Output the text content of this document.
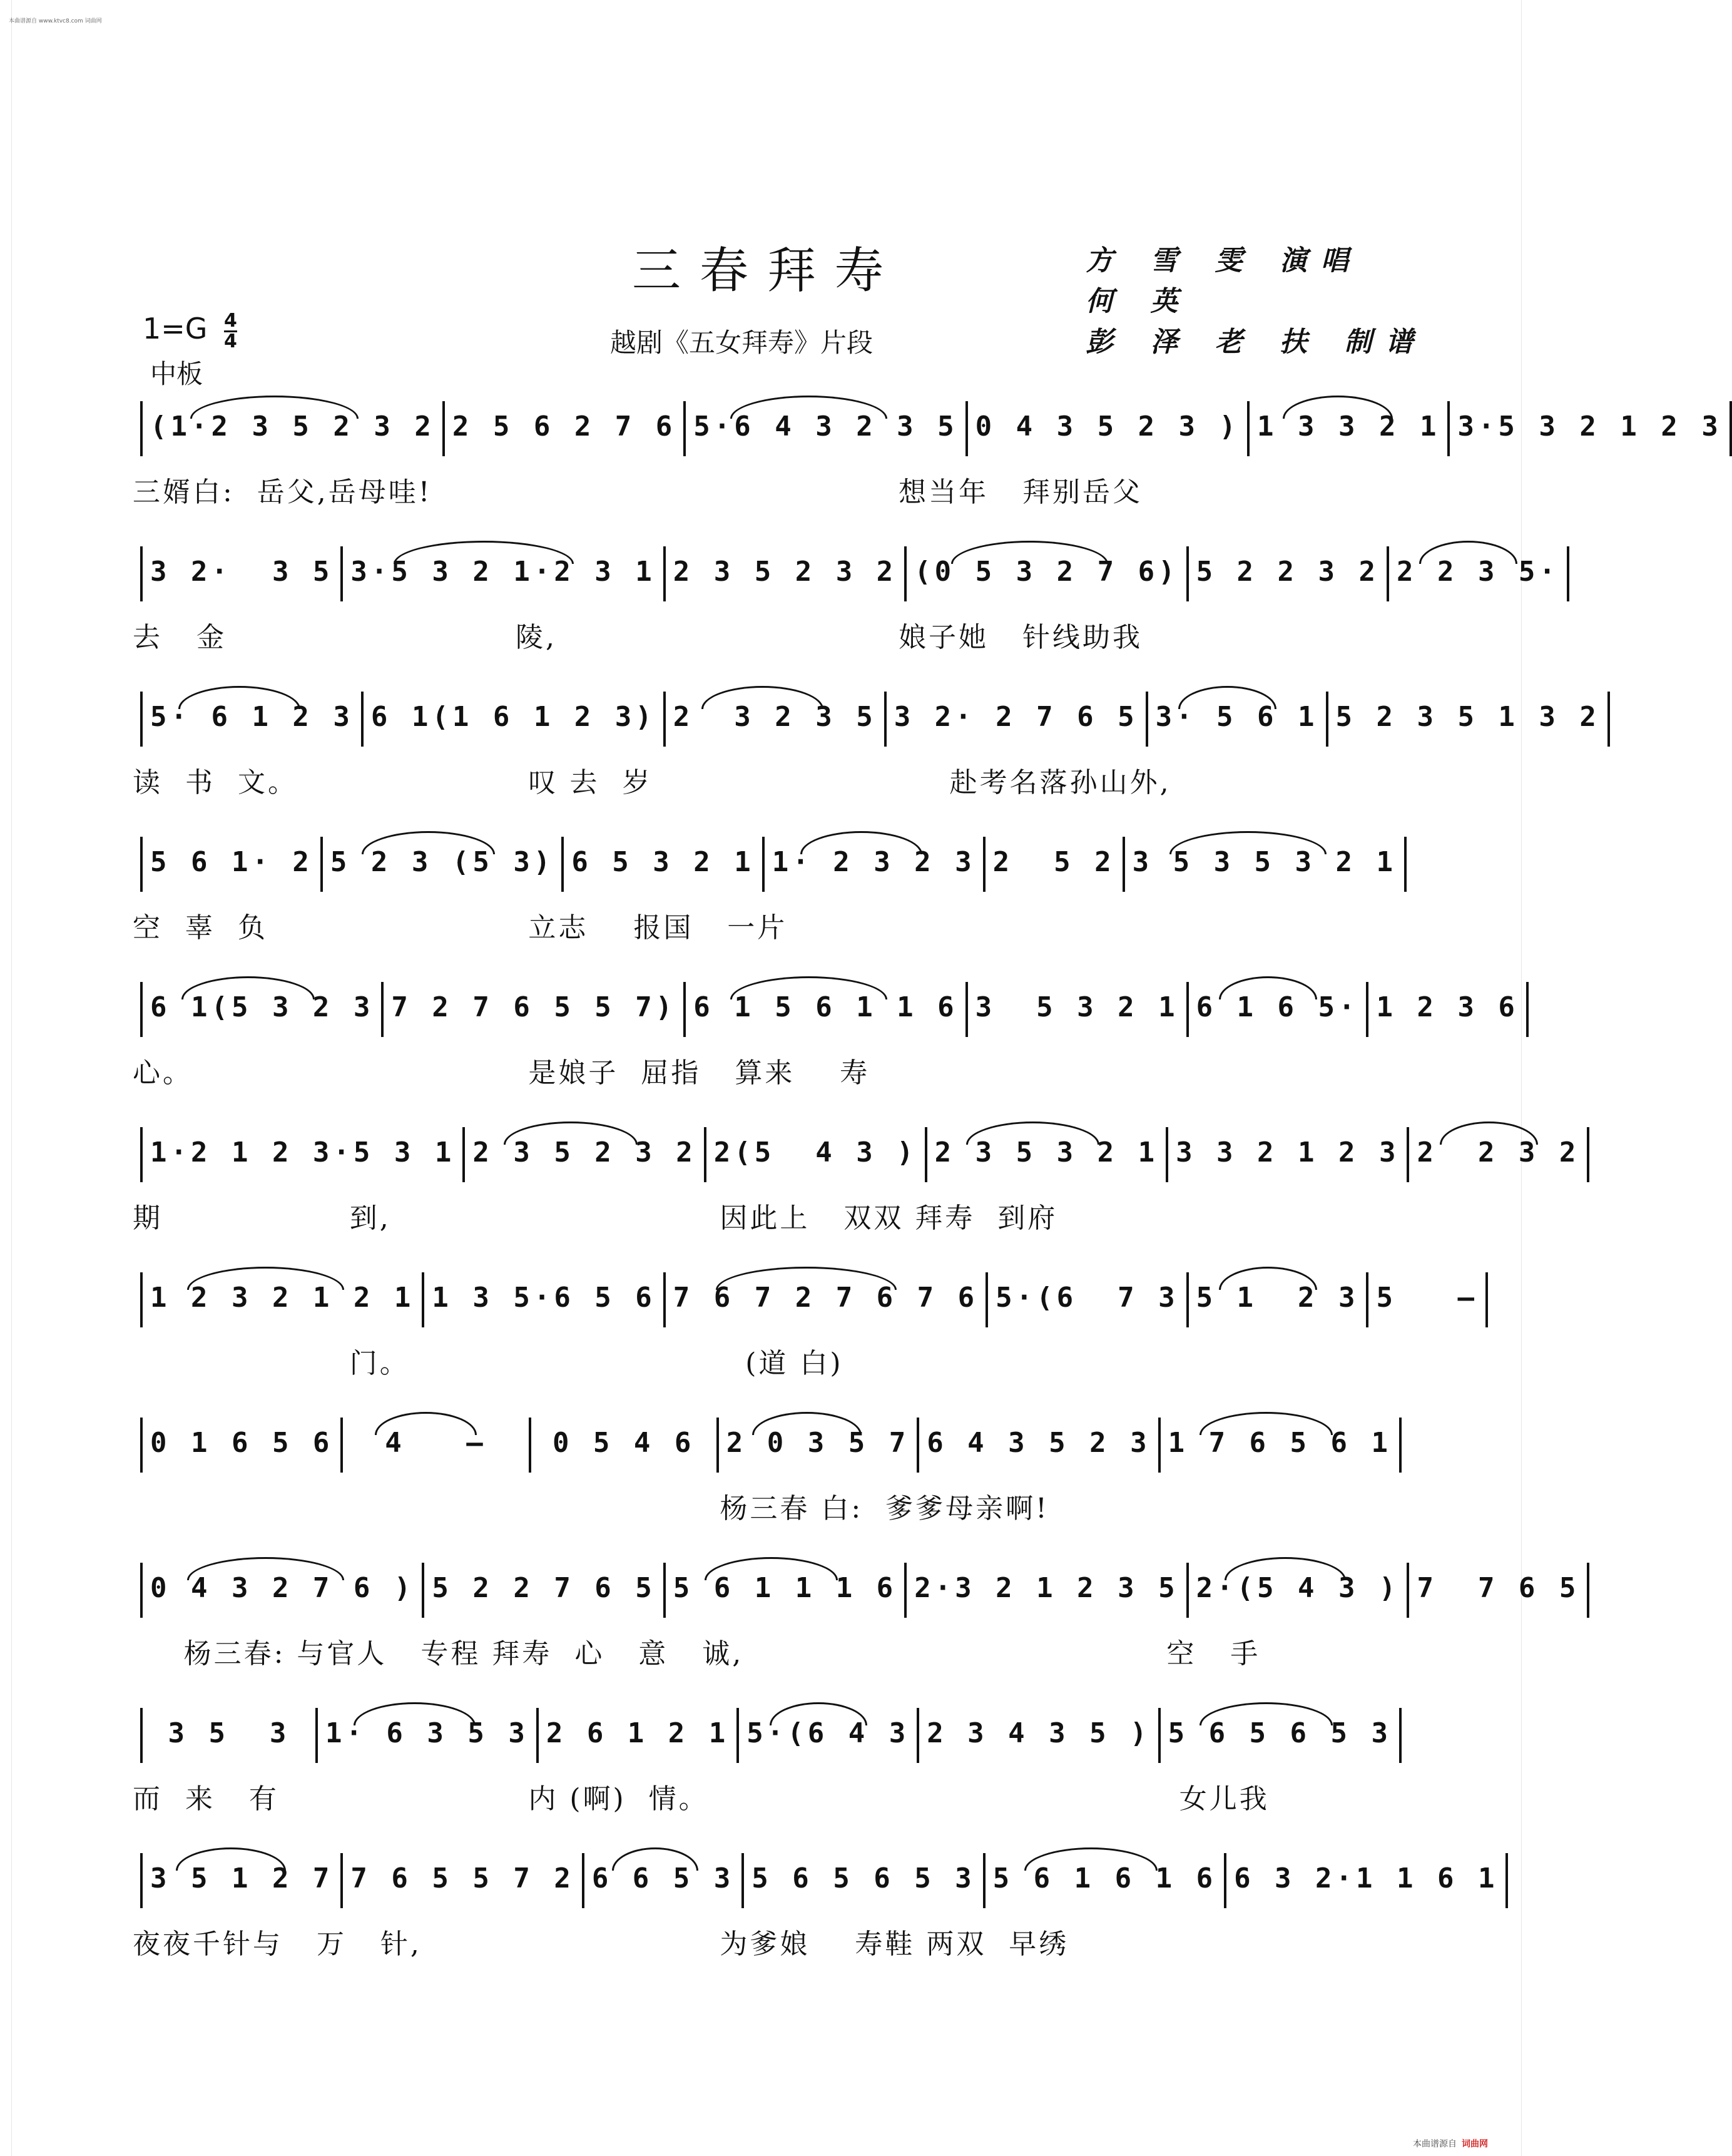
本曲谱源自 www.ktvc8.com 词曲网
三春拜寿
越剧《五女拜寿》片段
方 雪 雯 演唱
何 英
彭 泽 老 扶 制谱
$1=G \frac{4}{4}$
中板
(1·2 3 5 2 3 2 2 5 6 2 7 6 5·6 4 3 2 3 5 0 4 3 5 2 3 ) 1 3 3 2 1 3·5 3 2 1 2 3
三婿白:  岳父,岳母哇!	想当年   拜别岳父
3 2·  3 5 3·5 3 2 1·2 3 1 2 3 5 2 3 2 (0 5 3 2 7 6) 5 2 2 3 2 2 2 3 5·
去   金	陵,	娘子她   针线助我
5· 6 1 2 3 6 1(1 6 1 2 3) 2  3 2 3 5 3 2· 2 7 6 5 3· 5 6 1 5 2 3 5 1 3 2
读  书  文。	叹 去  岁	赴考名落孙山外,
5 6 1· 2 5 2 3 (5 3) 6 5 3 2 1 1· 2 3 2 3 2  5 2 3 5 3 5 3 2 1
空  辜  负	立志    报国   一片
6 1(5 3 2 3 7 2 7 6 5 5 7) 6 1 5 6 1 1 6 3  5 3 2 1 6 1 6 5· 1 2 3 6
心。	是娘子  屈指   算来    寿
1·2 1 2 3·5 3 1 2 3 5 2 3 2 2(5  4 3 ) 2 3 5 3 2 1 3 3 2 1 2 3 2  2 3 2
期	到,	因此上   双双 拜寿  到府
1 2 3 2 1 2 1 1 3 5·6 5 6 7 6 7 2 7 6 7 6 5·(6  7 3 5 1  2 3 5   –
门。	(道 白)
0 1 6 5 6	4   –	0 5 4 6	2 0 3 5 7 6 4 3 5 2 3 1 7 6 5 6 1
杨三春 白:  爹爹母亲啊!
0 4 3 2 7 6 ) 5 2 2 7 6 5 5 6 1 1 1 6 2·3 2 1 2 3 5 2·(5 4 3 ) 7  7 6 5
杨三春: 与官人   专程 拜寿  心   意   诚,	空   手
3 5  3	1· 6 3 5 3 2 6 1 2 1 5·(6 4 3 2 3 4 3 5 ) 5 6 5 6 5 3
而  来   有	内 (啊)  情。	女儿我
3 5 1 2 7 7 6 5 5 7 2 6 6 5 3 5 6 5 6 5 3 5 6 1 6 1 6 6 3 2·1 1 6 1
夜夜千针与   万   针,	为爹娘    寿鞋 两双  早绣
本曲谱源自 词曲网
